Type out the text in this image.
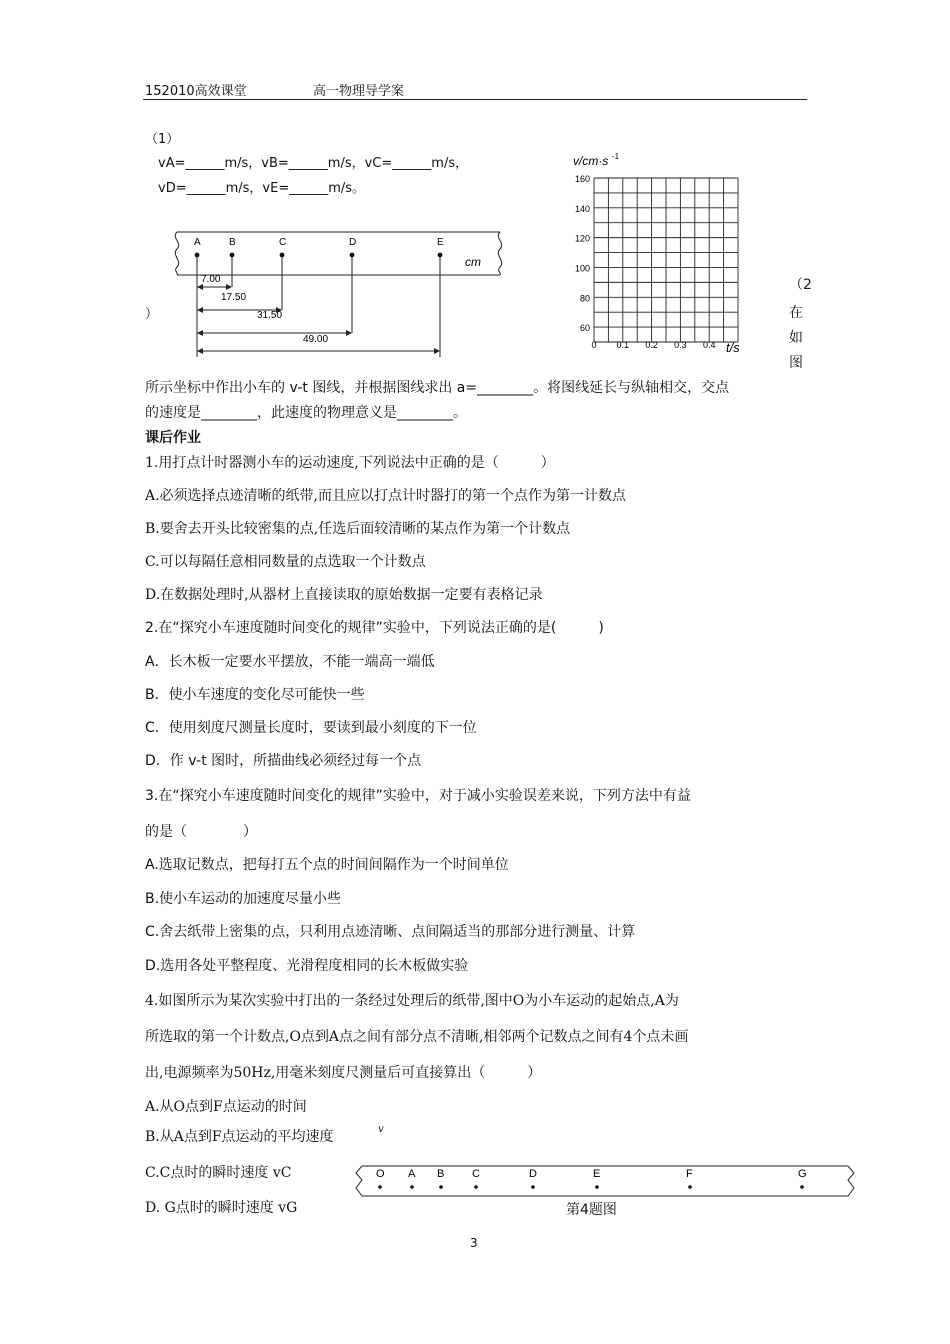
152010高效课堂	高一物理导学案
（1）
vA=______m/s，vB=______m/s，vC=______m/s，
vD=______m/s，vE=______m/s。
A	B	C	D	E
cm
7.00
17.50
31.50
49.00
）
（2
在
如
图
v/cm·s -1
160
140
120
100
80
60
0 0.1 0.2 0.3 0.4 t/s
所示坐标中作出小车的 v-t 图线，并根据图线求出 a=________。将图线延长与纵轴相交，交点
的速度是________，此速度的物理意义是________。
课后作业
1.用打点计时器测小车的运动速度,下列说法中正确的是（　　　）
A.必须选择点迹清晰的纸带,而且应以打点计时器打的第一个点作为第一计数点
B.要舍去开头比较密集的点,任选后面较清晰的某点作为第一个计数点
C.可以每隔任意相同数量的点选取一个计数点
D.在数据处理时,从器材上直接读取的原始数据一定要有表格记录
2.在“探究小车速度随时间变化的规律”实验中，下列说法正确的是(　　　)
A．长木板一定要水平摆放，不能一端高一端低
B．使小车速度的变化尽可能快一些
C．使用刻度尺测量长度时，要读到最小刻度的下一位
D．作 v-t 图时，所描曲线必须经过每一个点
3.在“探究小车速度随时间变化的规律”实验中，对于减小实验误差来说，下列方法中有益
的是（　　　　）
A.选取记数点，把每打五个点的时间间隔作为一个时间单位
B.使小车运动的加速度尽量小些
C.舍去纸带上密集的点，只利用点迹清晰、点间隔适当的那部分进行测量、计算
D.选用各处平整程度、光滑程度相同的长木板做实验
4.如图所示为某次实验中打出的一条经过处理后的纸带,图中O为小车运动的起始点,A为
所选取的第一个计数点,O点到A点之间有部分点不清晰,相邻两个记数点之间有4个点未画
出,电源频率为50Hz,用毫米刻度尺测量后可直接算出（　　　）
A.从O点到F点运动的时间
B.从A点到F点运动的平均速度	v
C.C点时的瞬时速度 vC
D. G点时的瞬时速度 vG
O A B	C	D	E	F	G
第4题图
3
